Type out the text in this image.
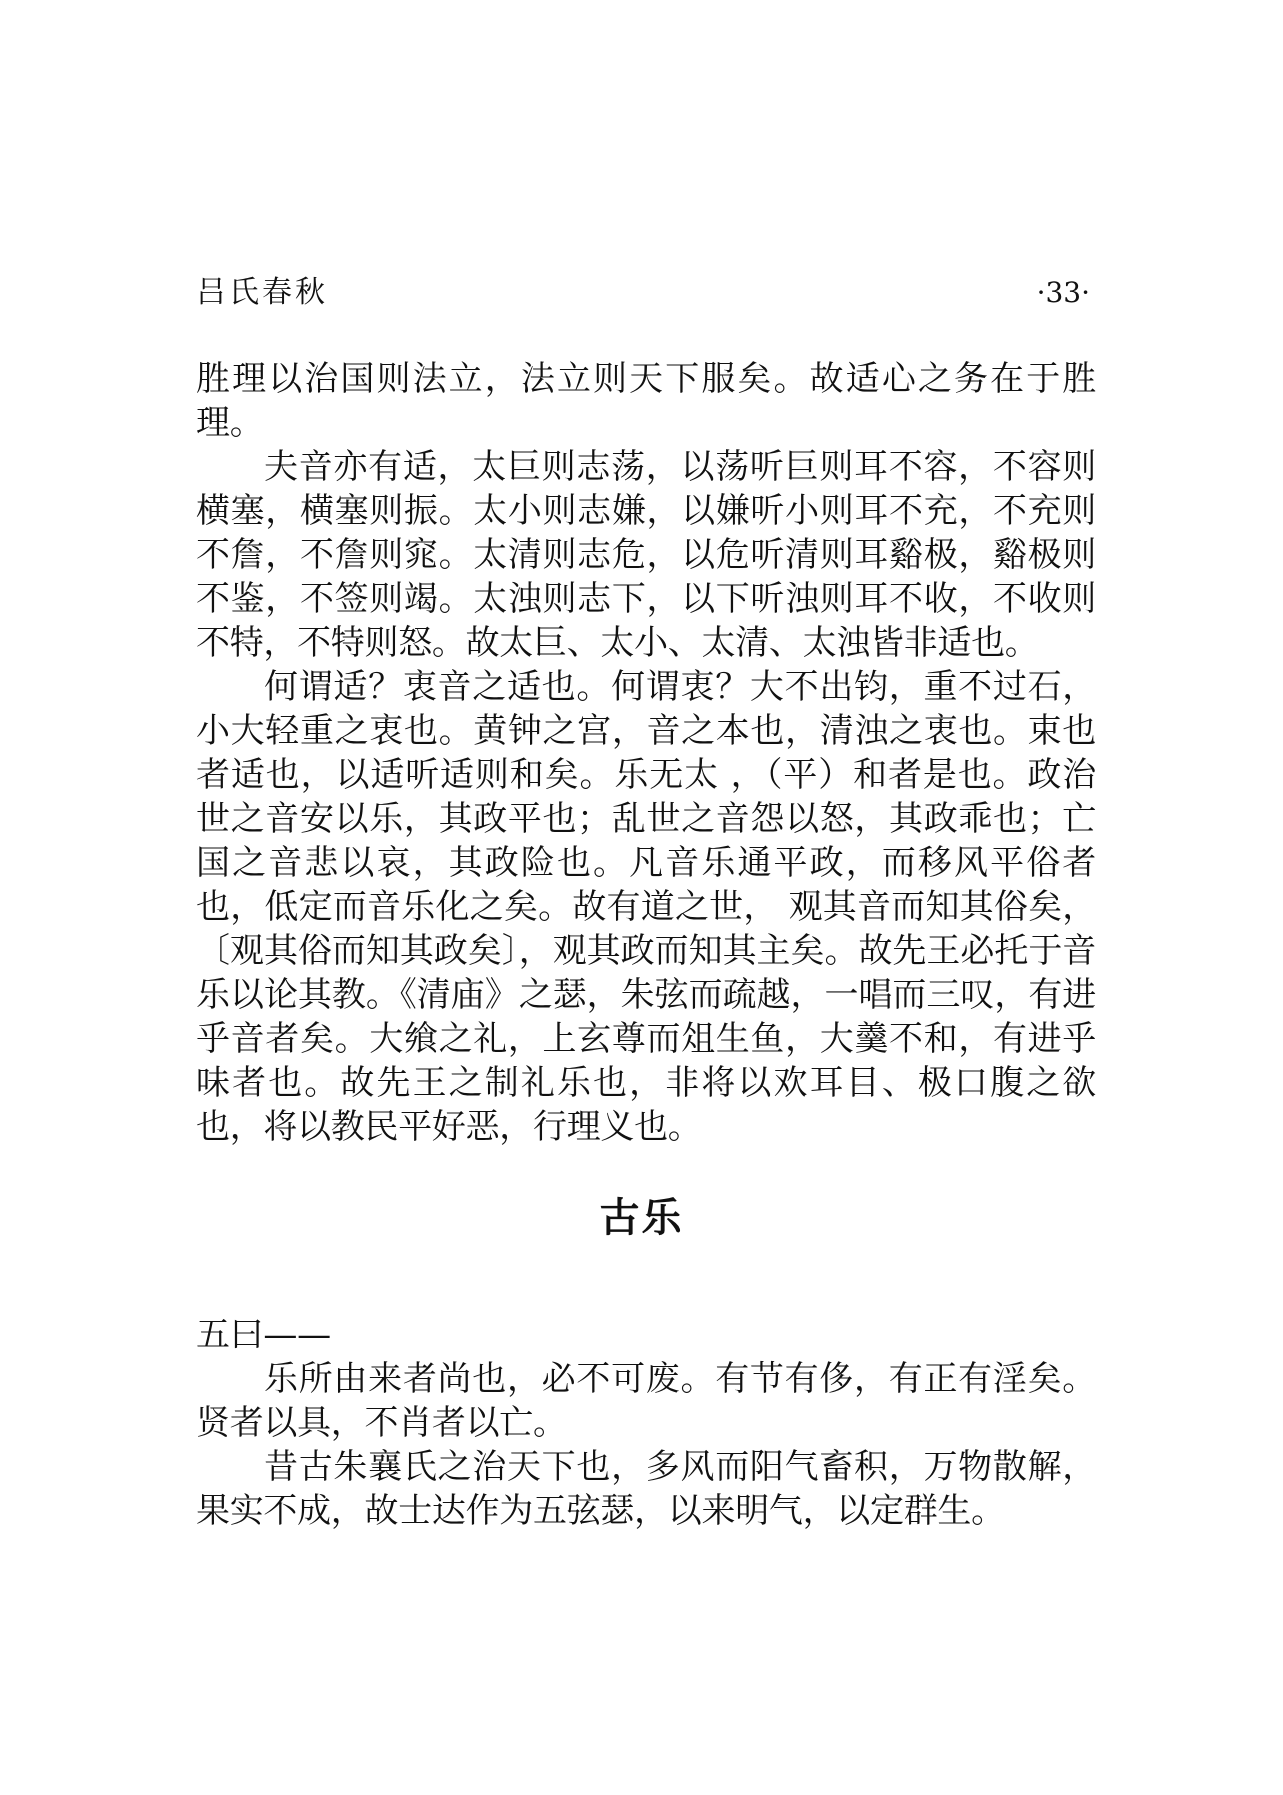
吕氏春秋	·33·

胜理以治国则法立，法立则天下服矣。故适心之务在于胜理。

夫音亦有适，太巨则志荡，以荡听巨则耳不容，不容则横塞，横塞则振。太小则志嫌，以嫌听小则耳不充，不充则不詹，不詹则窕。太清则志危，以危听清则耳谿极，谿极则不鉴，不签则竭。太浊则志下，以下听浊则耳不收，不收则不特，不特则怒。故太巨、太小、太清、太浊皆非适也。

何谓适？衷音之适也。何谓衷？大不出钧，重不过石，小大轻重之衷也。黄钟之宫，音之本也，清浊之衷也。束也者适也，以适听适则和矣。乐无太 ，（平）和者是也。政治世之音安以乐，其政平也；乱世之音怨以怒，其政乖也；亡国之音悲以哀，其政险也。凡音乐通平政，而移风平俗者也，低定而音乐化之矣。故有道之世， 观其音而知其俗矣，〔观其俗而知其政矣〕，观其政而知其主矣。故先王必托于音乐以论其教。《清庙》之瑟，朱弦而疏越，一唱而三叹，有进乎音者矣。大飨之礼，上玄尊而俎生鱼，大羹不和，有进乎味者也。故先王之制礼乐也，非将以欢耳目、极口腹之欲也，将以教民平好恶，行理义也。

古乐

五曰——

乐所由来者尚也，必不可废。有节有侈，有正有淫矣。贤者以具，不肖者以亡。

昔古朱襄氏之治天下也，多风而阳气畜积，万物散解，果实不成，故士达作为五弦瑟，以来明气，以定群生。
